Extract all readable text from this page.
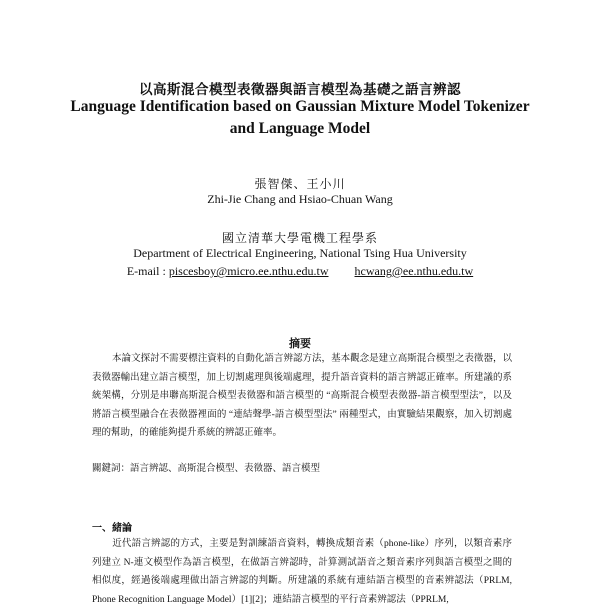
以高斯混合模型表徵器與語言模型為基礎之語言辨認
Language Identification based on Gaussian Mixture Model Tokenizer
and Language Model
張智傑、王小川
Zhi-Jie Chang and Hsiao-Chuan Wang
國立清華大學電機工程學系
Department of Electrical Engineering, National Tsing Hua University
E-mail : piscesboy@micro.ee.nthu.edu.tw hcwang@ee.nthu.edu.tw
摘要
本論文探討不需要標注資料的自動化語言辨認方法，基本觀念是建立高斯混合模型之表徵器，以表徵器輸出建立語言模型，加上切割處理與後端處理，提升語音資料的語言辨認正確率。所建議的系統架構，分別是串聯高斯混合模型表徵器和語言模型的 “高斯混合模型表徵器-語言模型型法”，以及將語言模型融合在表徵器裡面的 “連結聲學-語言模型型法” 兩種型式，由實驗結果觀察，加入切割處理的幫助，的確能夠提升系統的辨認正確率。
關鍵詞：語言辨認、高斯混合模型、表徵器、語言模型
一、緒論
近代語言辨認的方式，主要是對訓練語音資料，轉換成類音素（phone-like）序列，以類音素序列建立 N-連文模型作為語言模型，在做語言辨認時，計算測試語音之類音素序列與語言模型之間的相似度，經過後端處理做出語言辨認的判斷。所建議的系統有連結語言模型的音素辨認法（PRLM, Phone Recognition Language Model）[1][2]；連結語言模型的平行音素辨認法（PPRLM,
